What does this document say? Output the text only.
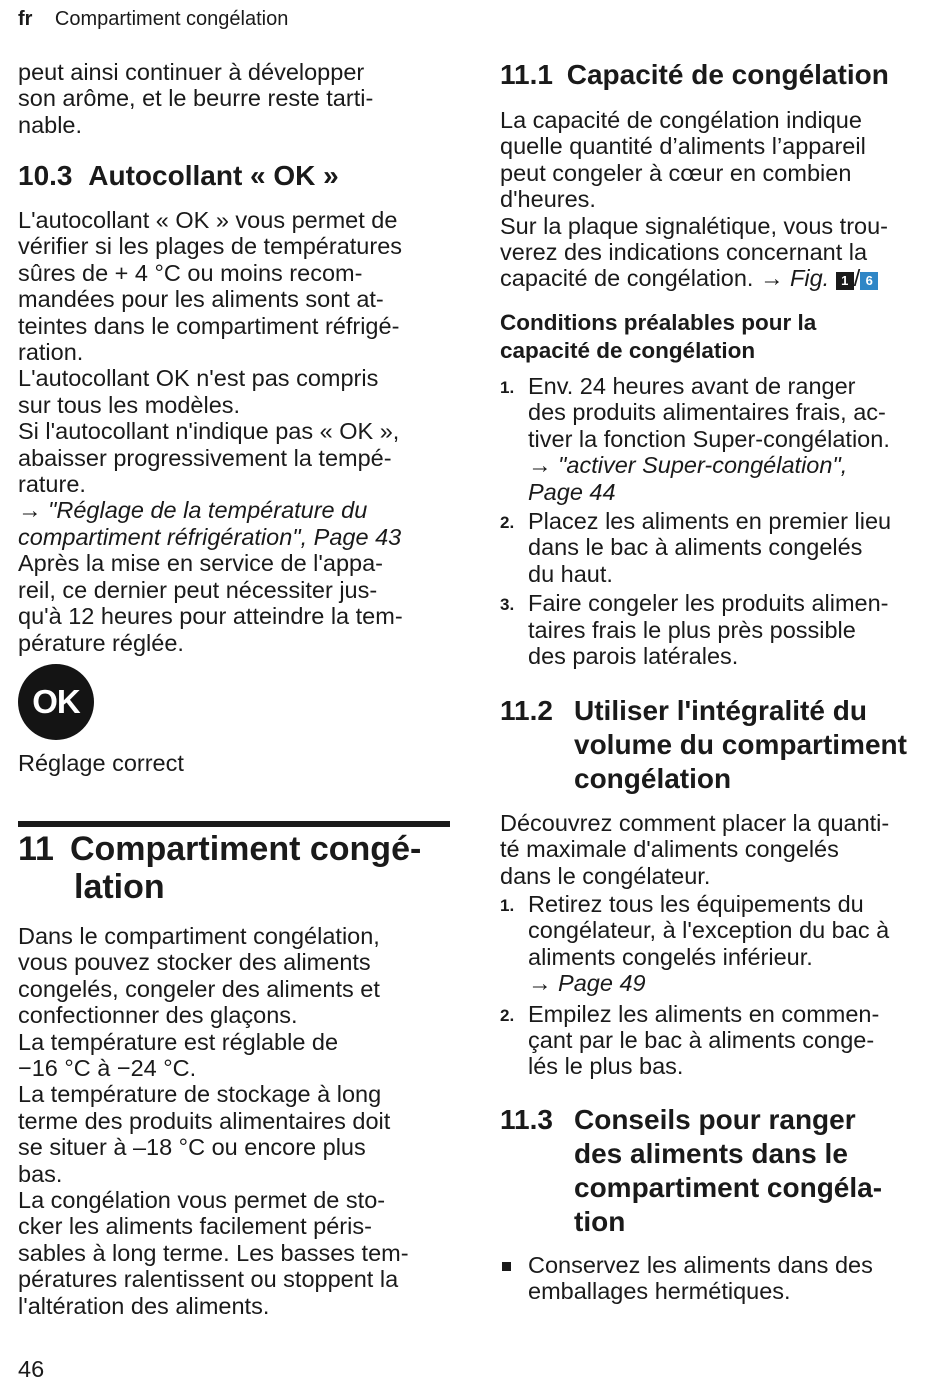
fr Compartiment congélation

peut ainsi continuer à développer

son arôme, et le beurre reste tarti-

nable.

10.3 Autocollant « OK »

L'autocollant « OK » vous permet de

vérifier si les plages de températures

sûres de + 4 °C ou moins recom-

mandées pour les aliments sont at-

teintes dans le compartiment réfrigé-

ration.

L'autocollant OK n'est pas compris

sur tous les modèles.

Si l'autocollant n'indique pas « OK »,

abaisser progressivement la tempé-

rature.

→ "Réglage de la température du

compartiment réfrigération", Page 43

Après la mise en service de l'appa-

reil, ce dernier peut nécessiter jus-

qu'à 12 heures pour atteindre la tem-

pérature réglée.

OK
Réglage correct
11 Compartiment congé-
lation

Dans le compartiment congélation,

vous pouvez stocker des aliments

congelés, congeler des aliments et

confectionner des glaçons.

La température est réglable de

−16 °C à −24 °C.

La température de stockage à long

terme des produits alimentaires doit

se situer à –18 °C ou encore plus

bas.

La congélation vous permet de sto-

cker les aliments facilement péris-

sables à long terme. Les basses tem-

pératures ralentissent ou stoppent la

l'altération des aliments.

46
11.1 Capacité de congélation

La capacité de congélation indique

quelle quantité d’aliments l’appareil

peut congeler à cœur en combien

d'heures.

Sur la plaque signalétique, vous trou-

verez des indications concernant la

capacité de congélation. → Fig. 1 / 6

Conditions préalables pour la
capacité de congélation
1. Env. 24 heures avant de ranger

des produits alimentaires frais, ac-

tiver la fonction Super-congélation.

→ "activer Super-congélation",

Page 44

2. Placez les aliments en premier lieu

dans le bac à aliments congelés

du haut.

3. Faire congeler les produits alimen-

taires frais le plus près possible

des parois latérales.

11.2 Utiliser l'intégralité du
volume du compartiment
congélation

Découvrez comment placer la quanti-

té maximale d'aliments congelés

dans le congélateur.

1. Retirez tous les équipements du

congélateur, à l'exception du bac à

aliments congelés inférieur.

→ Page 49

2. Empilez les aliments en commen-

çant par le bac à aliments conge-

lés le plus bas.

11.3 Conseils pour ranger
des aliments dans le
compartiment congéla-
tion

Conservez les aliments dans des

emballages hermétiques.
